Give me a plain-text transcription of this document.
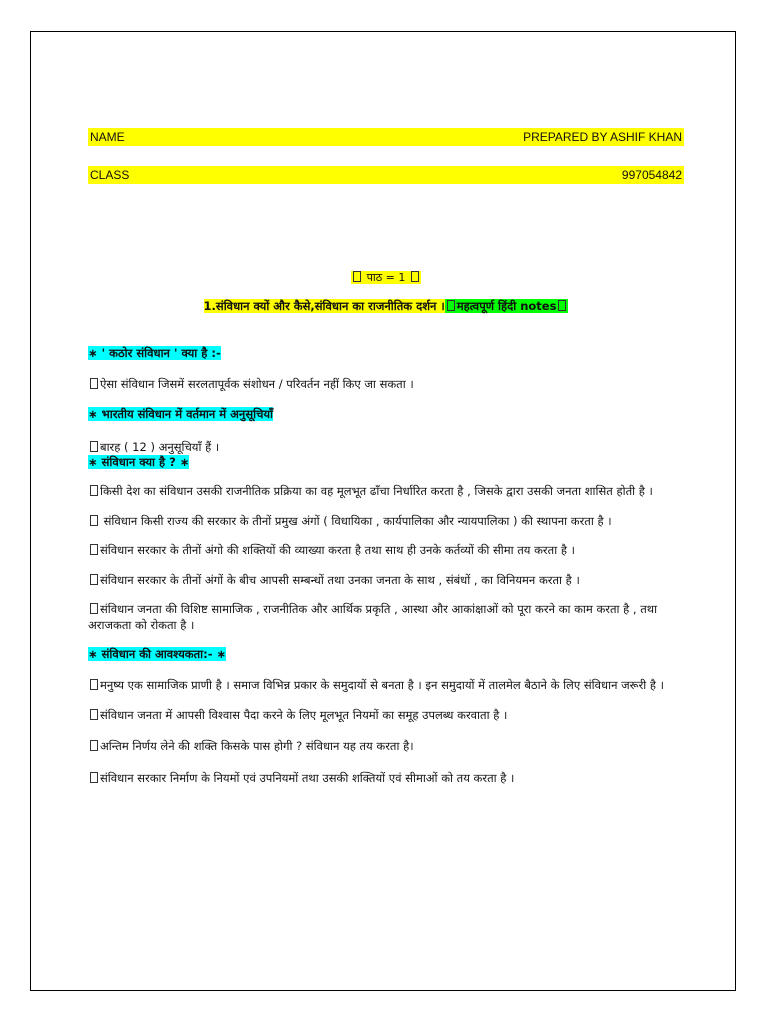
NAME	PREPARED BY ASHIF KHAN
CLASS	997054842
पाठ = 1
1.संविधान क्यों और कैसे,संविधान का राजनीतिक दर्शन । महत्वपूर्ण हिंदी notes

∗ ' कठोर संविधान ' क्या है :-

ऐसा संविधान जिसमें सरलतापूर्वक संशोधन / परिवर्तन नहीं किए जा सकता ।

∗ भारतीय संविधान में वर्तमान में अनुसूचियाँ

बारह ( 12 ) अनुसूचियाँ हैं ।

∗ संविधान क्या है ? ∗

किसी देश का संविधान उसकी राजनीतिक प्रक्रिया का वह मूलभूत ढाँचा निर्धारित करता है , जिसके द्वारा उसकी जनता शासित होती है ।

संविधान किसी राज्य की सरकार के तीनों प्रमुख अंगों ( विधायिका , कार्यपालिका और न्यायपालिका ) की स्थापना करता है ।

संविधान सरकार के तीनों अंगो की शक्तियों की व्याख्या करता है तथा साथ ही उनके कर्तव्यों की सीमा तय करता है ।

संविधान सरकार के तीनों अंगों के बीच आपसी सम्बन्धों तथा उनका जनता के साथ , संबंधों , का विनियमन करता है ।

संविधान जनता की विशिष्ट सामाजिक , राजनीतिक और आर्थिक प्रकृति , आस्था और आकांक्षाओं को पूरा करने का काम करता है , तथा अराजकता को रोकता है ।

∗ संविधान की आवश्यकता:- ∗

मनुष्य एक सामाजिक प्राणी है । समाज विभिन्न प्रकार के समुदायों से बनता है । इन समुदायों में तालमेल बैठाने के लिए संविधान जरूरी है ।

संविधान जनता में आपसी विश्वास पैदा करने के लिए मूलभूत नियमों का समूह उपलब्ध करवाता है ।

अन्तिम निर्णय लेने की शक्ति किसके पास होगी ? संविधान यह तय करता है।

संविधान सरकार निर्माण के नियमों एवं उपनियमों तथा उसकी शक्तियों एवं सीमाओं को तय करता है ।
